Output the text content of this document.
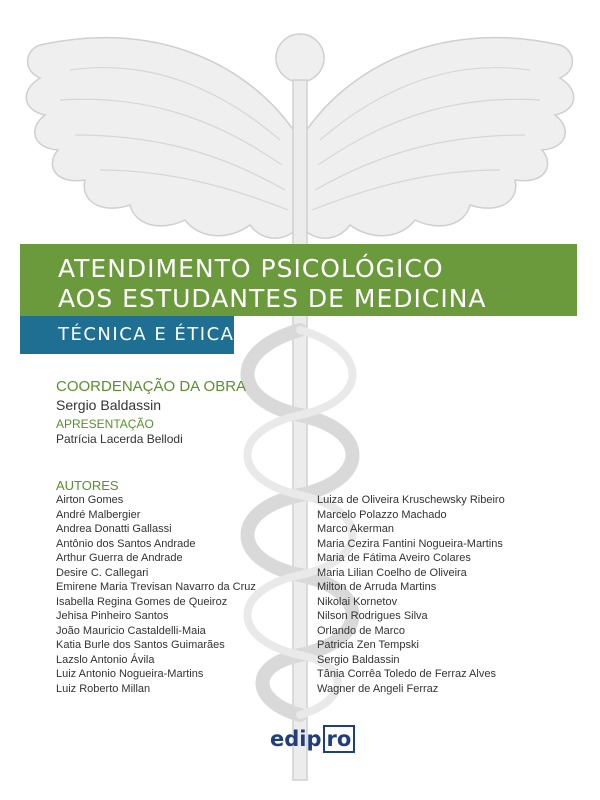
ATENDIMENTO PSICOLÓGICO
AOS ESTUDANTES DE MEDICINA
TÉCNICA E ÉTICA
COORDENAÇÃO DA OBRA
Sergio Baldassin
APRESENTAÇÃO
Patrícia Lacerda Bellodi
AUTORES
Airton Gomes
André Malbergier
Andrea Donatti Gallassi
Antônio dos Santos Andrade
Arthur Guerra de Andrade
Desire C. Callegari
Emirene Maria Trevisan Navarro da Cruz
Isabella Regina Gomes de Queiroz
Jehisa Pinheiro Santos
João Mauricio Castaldelli-Maia
Katia Burle dos Santos Guimarães
Lazslo Antonio Ávila
Luiz Antonio Nogueira-Martins
Luiz Roberto Millan
Luiza de Oliveira Kruschewsky Ribeiro
Marcelo Polazzo Machado
Marco Akerman
Maria Cezira Fantini Nogueira-Martins
Maria de Fátima Aveiro Colares
Maria Lilian Coelho de Oliveira
Milton de Arruda Martins
Nikolai Kornetov
Nilson Rodrigues Silva
Orlando de Marco
Patricia Zen Tempski
Sergio Baldassin
Tânia Corrêa Toledo de Ferraz Alves
Wagner de Angeli Ferraz
edip ro
